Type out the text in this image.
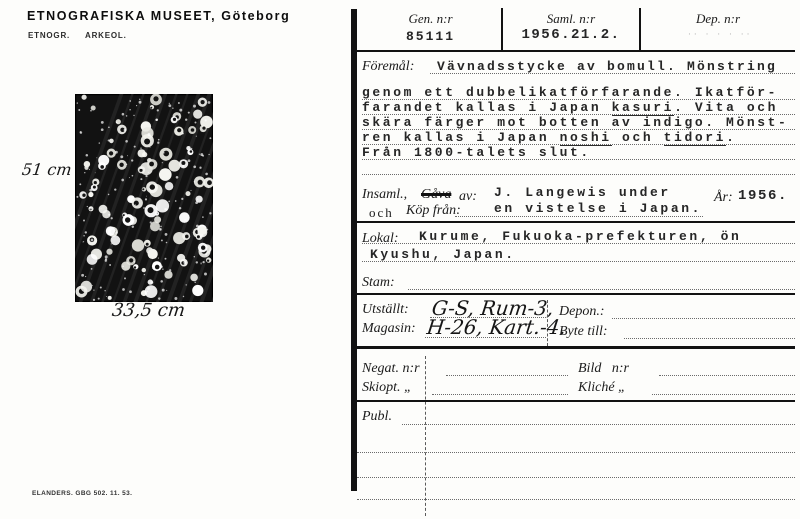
ETNOGRAFISKA MUSEET, Göteborg
ETNOGR. ARKEOL.
51 cm
33,5 cm
ELANDERS. GBG 502. 11. 53.
Gen. n:r
85111
Saml. n:r
1956.21.2.
Dep. n:r
·· · · · ··
Föremål: Vävnadsstycke av bomull. Mönstring
genom ett dubbelikatförfarande. Ikatför-
farandet kallas i Japan kasuri. Vita och
skära färger mot botten av indigo. Mönst-
ren kallas i Japan noshi och tidori.
Från 1800-talets slut.
Insaml., Gåva av: J. Langewis under	År: 1956.
och Köp från:	en vistelse i Japan.
Lokal: Kurume, Fukuoka-prefekturen, ön
Kyushu, Japan.
Stam:
Utställt: G-S, Rum-3, Depon.:
Magasin: H-26, Kart.-4.
Byte till:
Negat. n:r	Bild   n:r
Skiopt. „	Kliché „
Publ.
